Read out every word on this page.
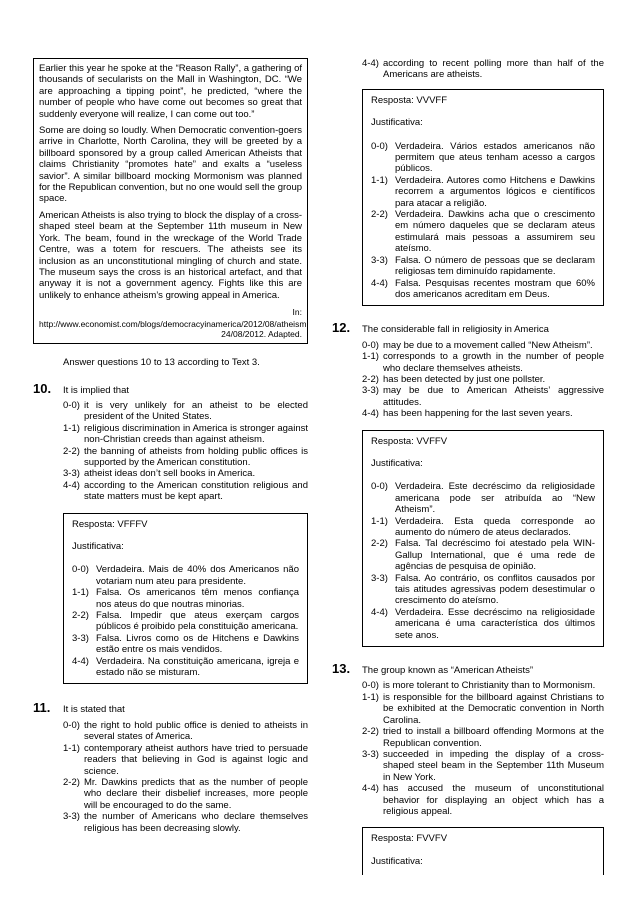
Earlier this year he spoke at the “Reason Rally”, a gathering of thousands of secularists on the Mall in Washington, DC. “We are approaching a tipping point”, he predicted, “where the number of people who have come out becomes so great that suddenly everyone will realize, I can come out too.”

Some are doing so loudly. When Democratic convention-goers arrive in Charlotte, North Carolina, they will be greeted by a billboard sponsored by a group called American Atheists that claims Christianity “promotes hate” and exalts a “useless savior”. A similar billboard mocking Mormonism was planned for the Republican convention, but no one would sell the group space.

American Atheists is also trying to block the display of a cross-shaped steel beam at the September 11th museum in New York. The beam, found in the wreckage of the World Trade Centre, was a totem for rescuers. The atheists see its inclusion as an unconstitutional mingling of church and state. The museum says the cross is an historical artefact, and that anyway it is not a government agency. Fights like this are unlikely to enhance atheism’s growing appeal in America.

In:

http://www.economist.com/blogs/democracyinamerica/2012/08/atheism. 24/08/2012. Adapted.

Answer questions 10 to 13 according to Text 3.
10.	It is implied that
0-0) it is very unlikely for an atheist to be elected president of the United States.
1-1) religious discrimination in America is stronger against non-Christian creeds than against atheism.
2-2) the banning of atheists from holding public offices is supported by the American constitution.
3-3) atheist ideas don’t sell books in America.
4-4) according to the American constitution religious and state matters must be kept apart.
Resposta: VFFFV
Justificativa:
0-0) Verdadeira. Mais de 40% dos Americanos não votariam num ateu para presidente.
1-1) Falsa. Os americanos têm menos confiança nos ateus do que noutras minorias.
2-2) Falsa. Impedir que ateus exerçam cargos públicos é proibido pela constituição americana.
3-3) Falsa. Livros como os de Hitchens e Dawkins estão entre os mais vendidos.
4-4) Verdadeira. Na constituição americana, igreja e estado não se misturam.
11.	It is stated that
0-0) the right to hold public office is denied to atheists in several states of America.
1-1) contemporary atheist authors have tried to persuade readers that believing in God is against logic and science.
2-2) Mr. Dawkins predicts that as the number of people who declare their disbelief increases, more people will be encouraged to do the same.
3-3) the number of Americans who declare themselves religious has been decreasing slowly.
4-4) according to recent polling more than half of the Americans are atheists.
Resposta: VVVFF
Justificativa:
0-0) Verdadeira. Vários estados americanos não permitem que ateus tenham acesso a cargos públicos.
1-1) Verdadeira. Autores como Hitchens e Dawkins recorrem a argumentos lógicos e científicos para atacar a religião.
2-2) Verdadeira. Dawkins acha que o crescimento em número daqueles que se declaram ateus estimulará mais pessoas a assumirem seu ateísmo.
3-3) Falsa. O número de pessoas que se declaram religiosas tem diminuído rapidamente.
4-4) Falsa. Pesquisas recentes mostram que 60% dos americanos acreditam em Deus.
12.	The considerable fall in religiosity in America
0-0) may be due to a movement called “New Atheism”.
1-1) corresponds to a growth in the number of people who declare themselves atheists.
2-2) has been detected by just one pollster.
3-3) may be due to American Atheists’ aggressive attitudes.
4-4) has been happening for the last seven years.
Resposta: VVFFV
Justificativa:
0-0) Verdadeira. Este decréscimo da religiosidade americana pode ser atribuída ao “New Atheism”.
1-1) Verdadeira. Esta queda corresponde ao aumento do número de ateus declarados.
2-2) Falsa. Tal decréscimo foi atestado pela WIN-Gallup International, que é uma rede de agências de pesquisa de opinião.
3-3) Falsa. Ao contrário, os conflitos causados por tais atitudes agressivas podem desestimular o crescimento do ateísmo.
4-4) Verdadeira. Esse decréscimo na religiosidade americana é uma característica dos últimos sete anos.
13.	The group known as “American Atheists”
0-0) is more tolerant to Christianity than to Mormonism.
1-1) is responsible for the billboard against Christians to be exhibited at the Democratic convention in North Carolina.
2-2) tried to install a billboard offending Mormons at the Republican convention.
3-3) succeeded in impeding the display of a cross-shaped steel beam in the September 11th Museum in New York.
4-4) has accused the museum of unconstitutional behavior for displaying an object which has a religious appeal.
Resposta: FVVFV
Justificativa:
